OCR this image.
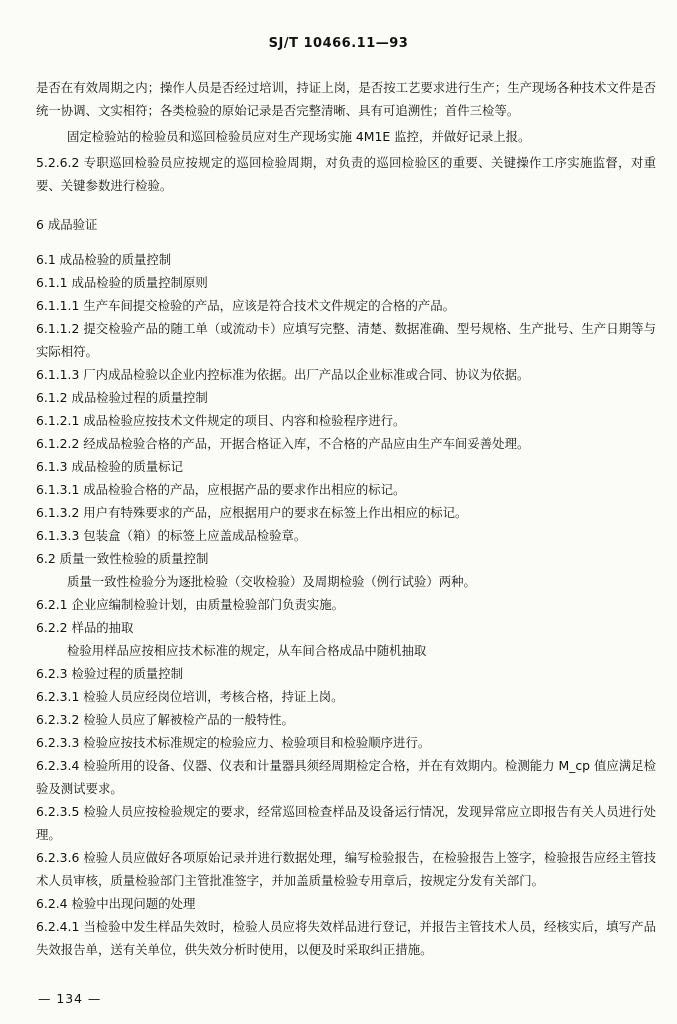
SJ/T 10466.11—93

是否在有效周期之内；操作人员是否经过培训，持证上岗，是否按工艺要求进行生产；生产现场各种技术文件是否统一协调、文实相符；各类检验的原始记录是否完整清晰、具有可追溯性；首件三检等。

固定检验站的检验员和巡回检验员应对生产现场实施 4M1E 监控，并做好记录上报。

5.2.6.2 专职巡回检验员应按规定的巡回检验周期，对负责的巡回检验区的重要、关键操作工序实施监督，对重要、关键参数进行检验。

6 成品验证

6.1 成品检验的质量控制

6.1.1 成品检验的质量控制原则

6.1.1.1 生产车间提交检验的产品，应该是符合技术文件规定的合格的产品。

6.1.1.2 提交检验产品的随工单（或流动卡）应填写完整、清楚、数据准确、型号规格、生产批号、生产日期等与实际相符。

6.1.1.3 厂内成品检验以企业内控标准为依据。出厂产品以企业标准或合同、协议为依据。

6.1.2 成品检验过程的质量控制

6.1.2.1 成品检验应按技术文件规定的项目、内容和检验程序进行。

6.1.2.2 经成品检验合格的产品，开据合格证入库，不合格的产品应由生产车间妥善处理。

6.1.3 成品检验的质量标记

6.1.3.1 成品检验合格的产品，应根据产品的要求作出相应的标记。

6.1.3.2 用户有特殊要求的产品，应根据用户的要求在标签上作出相应的标记。

6.1.3.3 包装盒（箱）的标签上应盖成品检验章。

6.2 质量一致性检验的质量控制

质量一致性检验分为逐批检验（交收检验）及周期检验（例行试验）两种。

6.2.1 企业应编制检验计划，由质量检验部门负责实施。

6.2.2 样品的抽取

检验用样品应按相应技术标准的规定，从车间合格成品中随机抽取

6.2.3 检验过程的质量控制

6.2.3.1 检验人员应经岗位培训，考核合格，持证上岗。

6.2.3.2 检验人员应了解被检产品的一般特性。

6.2.3.3 检验应按技术标准规定的检验应力、检验项目和检验顺序进行。

6.2.3.4 检验所用的设备、仪器、仪表和计量器具须经周期检定合格，并在有效期内。检测能力 M_cp 值应满足检验及测试要求。

6.2.3.5 检验人员应按检验规定的要求，经常巡回检查样品及设备运行情况，发现异常应立即报告有关人员进行处理。

6.2.3.6 检验人员应做好各项原始记录并进行数据处理，编写检验报告，在检验报告上签字，检验报告应经主管技术人员审核，质量检验部门主管批准签字，并加盖质量检验专用章后，按规定分发有关部门。

6.2.4 检验中出现问题的处理

6.2.4.1 当检验中发生样品失效时，检验人员应将失效样品进行登记，并报告主管技术人员，经核实后，填写产品失效报告单，送有关单位，供失效分析时使用，以便及时采取纠正措施。

— 134 —
